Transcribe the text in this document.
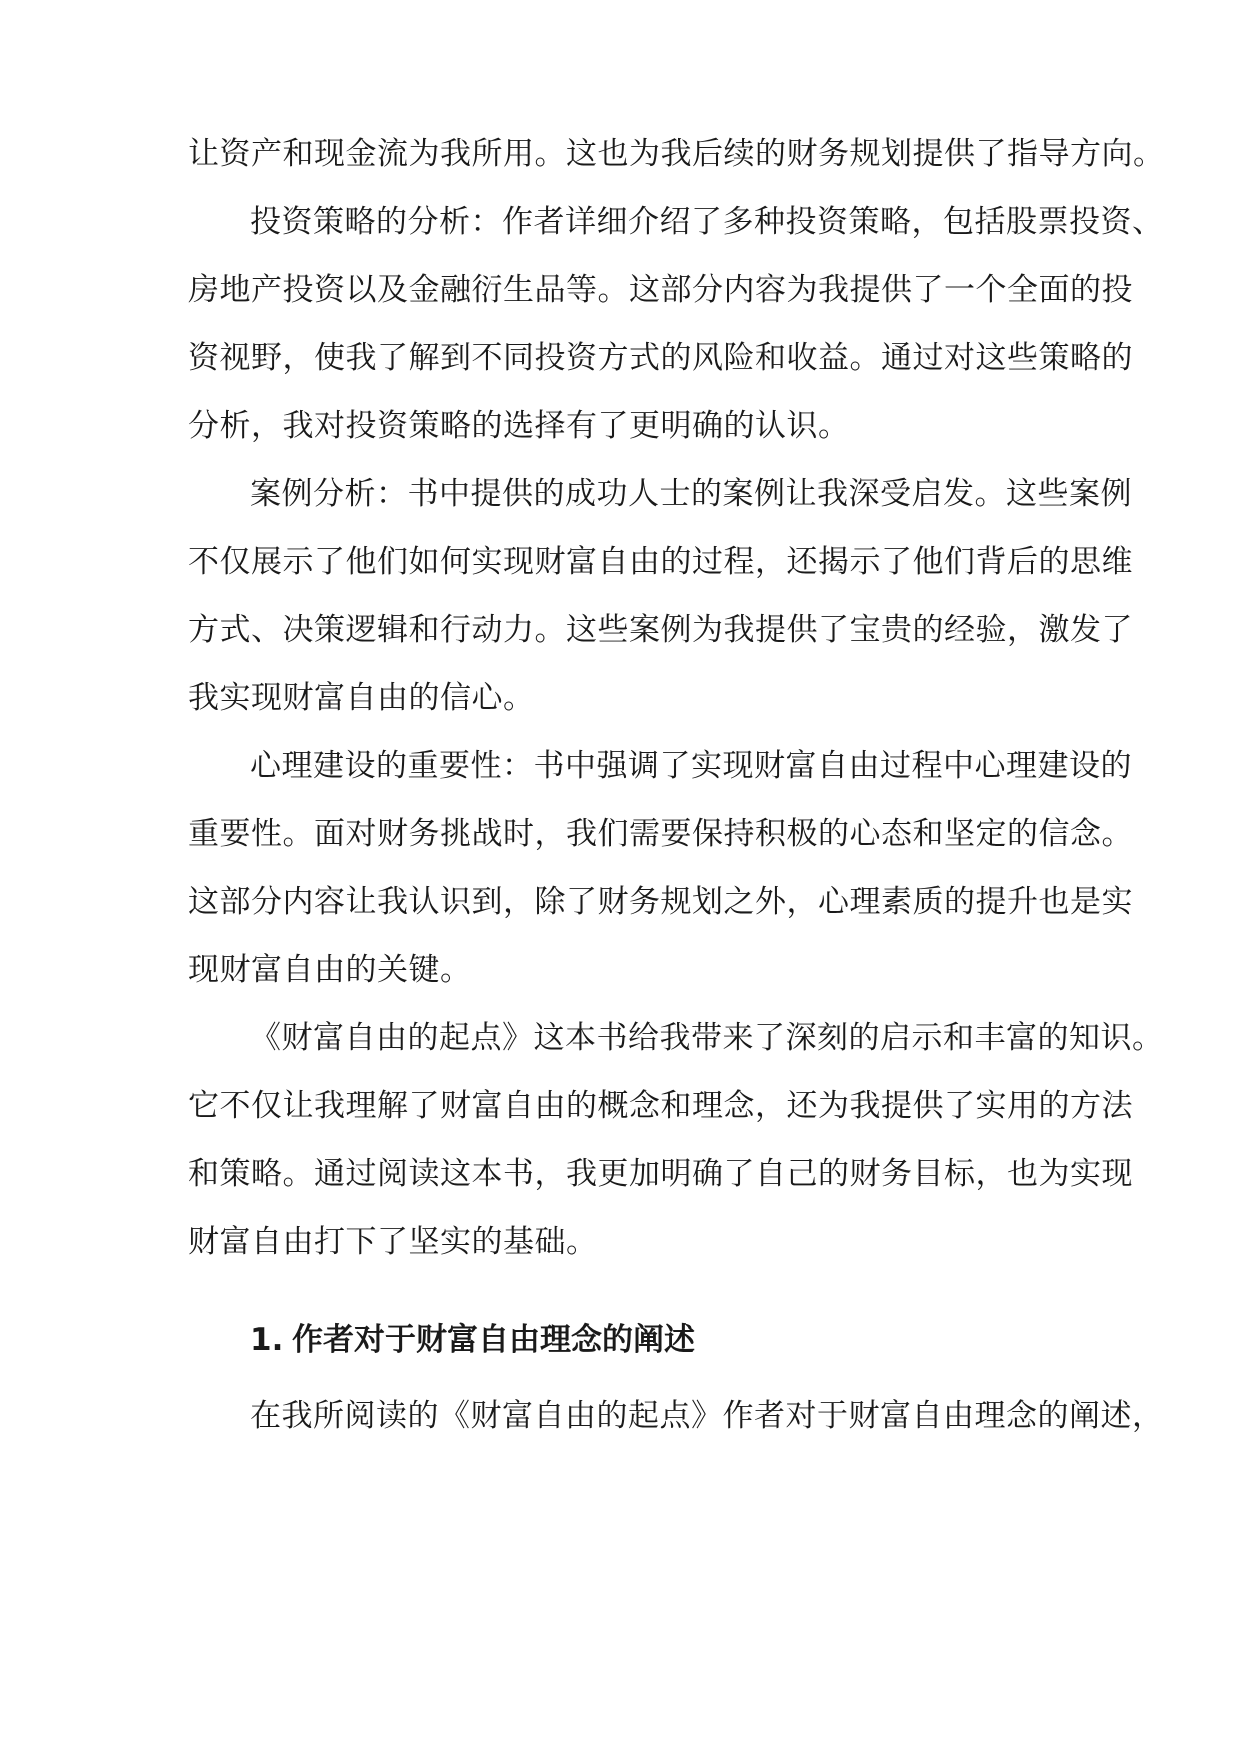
让资产和现金流为我所用。这也为我后续的财务规划提供了指导方向。
投资策略的分析：作者详细介绍了多种投资策略，包括股票投资、
房地产投资以及金融衍生品等。这部分内容为我提供了一个全面的投
资视野，使我了解到不同投资方式的风险和收益。通过对这些策略的
分析，我对投资策略的选择有了更明确的认识。
案例分析：书中提供的成功人士的案例让我深受启发。这些案例
不仅展示了他们如何实现财富自由的过程，还揭示了他们背后的思维
方式、决策逻辑和行动力。这些案例为我提供了宝贵的经验，激发了
我实现财富自由的信心。
心理建设的重要性：书中强调了实现财富自由过程中心理建设的
重要性。面对财务挑战时，我们需要保持积极的心态和坚定的信念。
这部分内容让我认识到，除了财务规划之外，心理素质的提升也是实
现财富自由的关键。
《财富自由的起点》这本书给我带来了深刻的启示和丰富的知识。
它不仅让我理解了财富自由的概念和理念，还为我提供了实用的方法
和策略。通过阅读这本书，我更加明确了自己的财务目标，也为实现
财富自由打下了坚实的基础。
1. 作者对于财富自由理念的阐述
在我所阅读的《财富自由的起点》作者对于财富自由理念的阐述，
